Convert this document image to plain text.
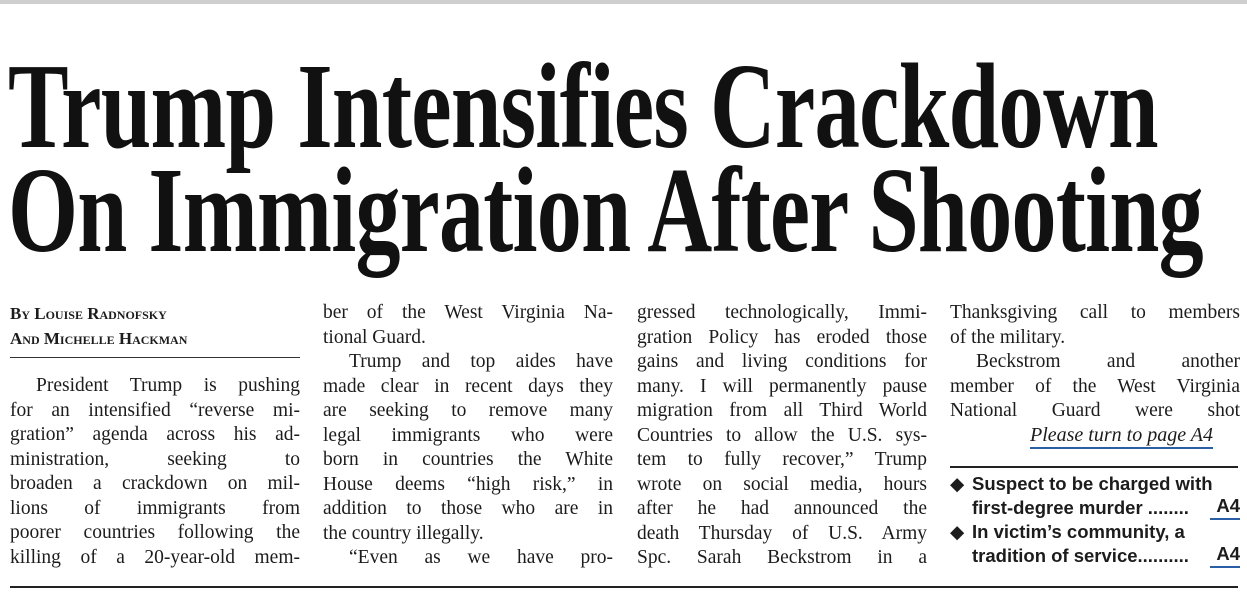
Trump Intensifies Crackdown
On Immigration After Shooting
By Louise Radnofsky
And Michelle Hackman
President Trump is pushing
for an intensified “reverse mi-
gration” agenda across his ad-
ministration, seeking to
broaden a crackdown on mil-
lions of immigrants from
poorer countries following the
killing of a 20-year-old mem-
ber of the West Virginia Na-
tional Guard.
Trump and top aides have
made clear in recent days they
are seeking to remove many
legal immigrants who were
born in countries the White
House deems “high risk,” in
addition to those who are in
the country illegally.
“Even as we have pro-
gressed technologically, Immi-
gration Policy has eroded those
gains and living conditions for
many. I will permanently pause
migration from all Third World
Countries to allow the U.S. sys-
tem to fully recover,” Trump
wrote on social media, hours
after he had announced the
death Thursday of U.S. Army
Spc. Sarah Beckstrom in a
Thanksgiving call to members
of the military.
Beckstrom and another
member of the West Virginia
National Guard were shot
Please turn to page A4
◆ Suspect to be charged with
first-degree murder ........	A4
◆ In victim’s community, a
tradition of service..........	A4
